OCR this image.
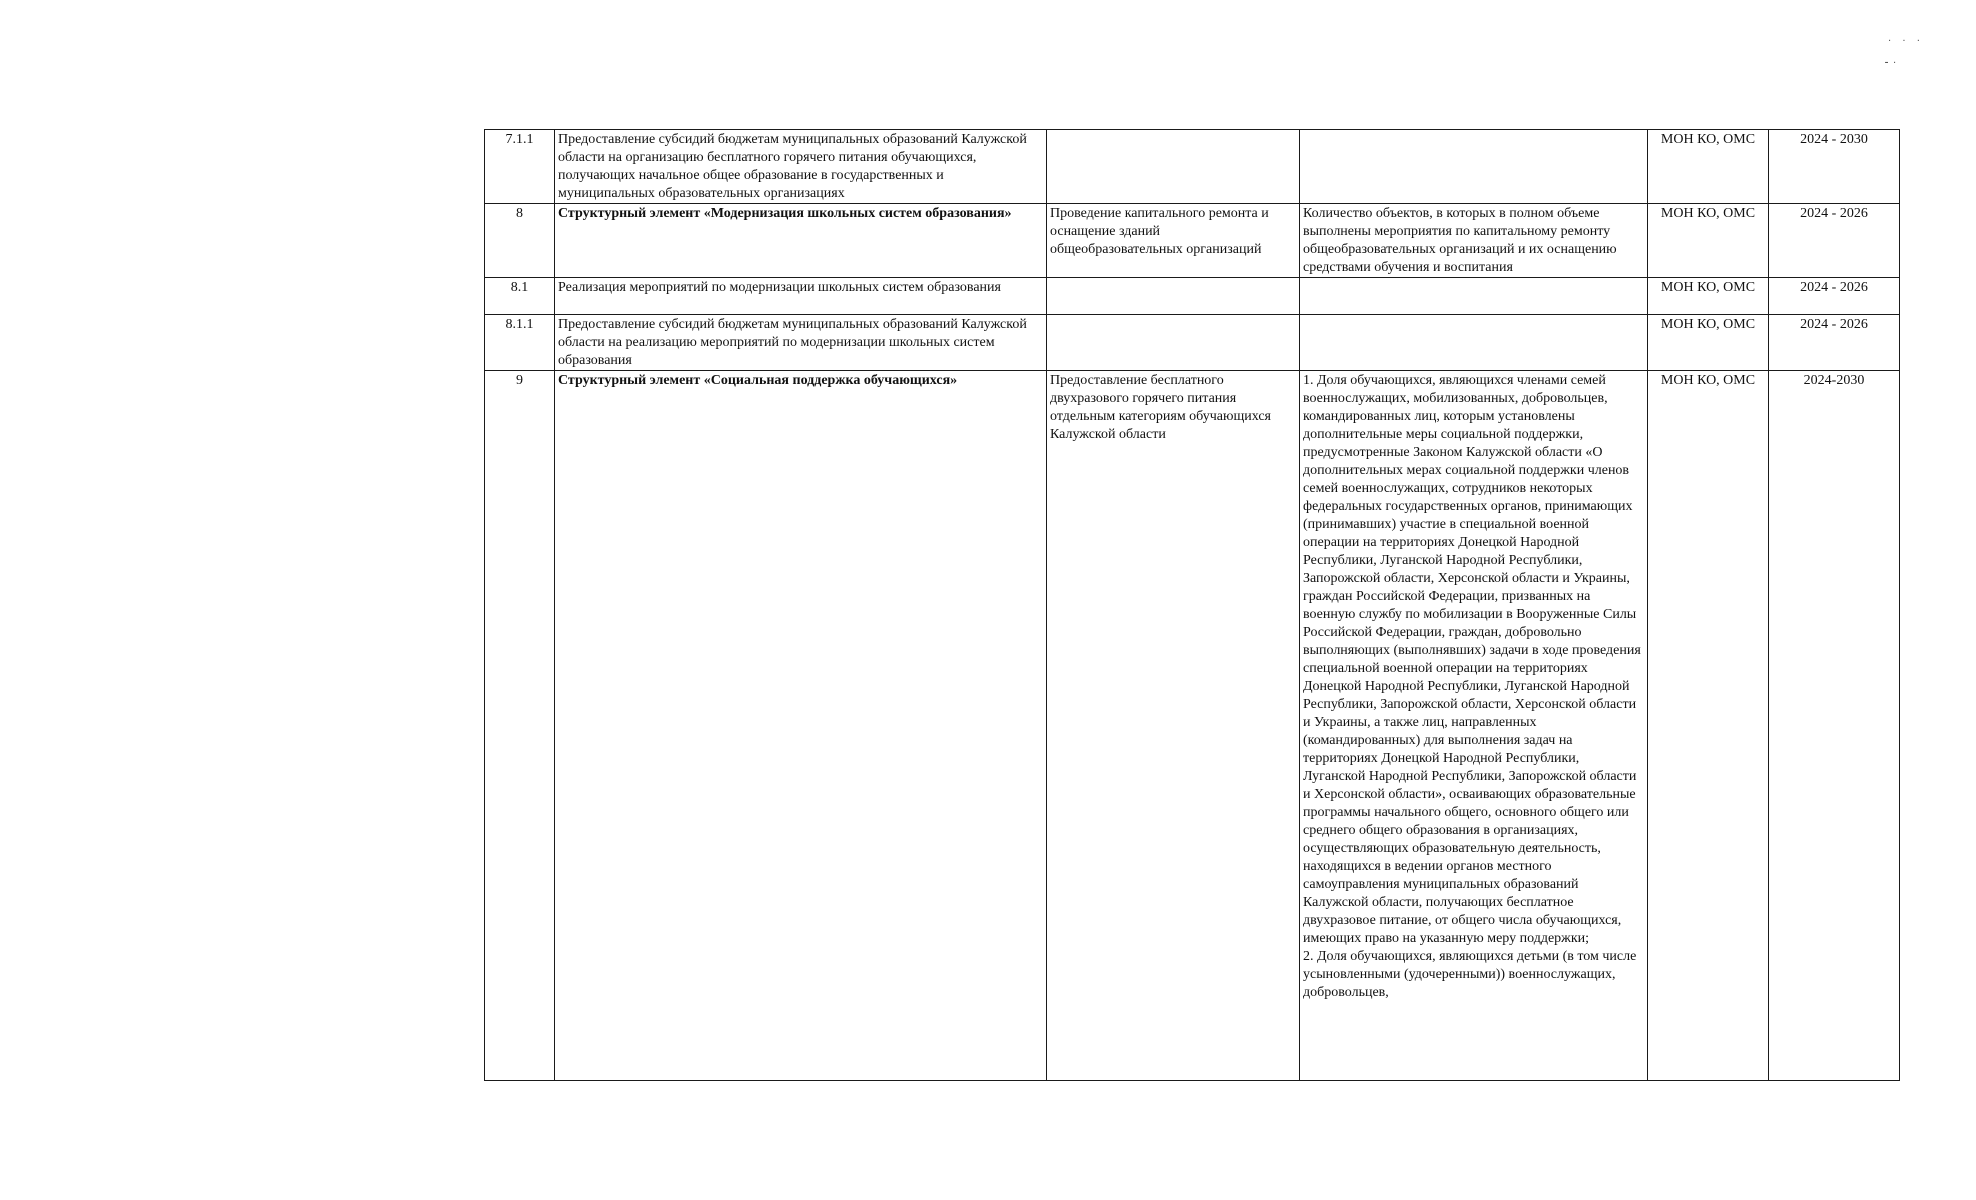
· · ·
⁃·
7.1.1	Предоставление субсидий бюджетам муниципальных образований Калужской области на организацию бесплатного горячего питания обучающихся, получающих начальное общее образование в государственных и муниципальных образовательных организациях			МОН КО, ОМС	2024 - 2030
8	Структурный элемент «Модернизация школьных систем образования»	Проведение капитального ремонта и оснащение зданий общеобразовательных организаций	Количество объектов, в которых в полном объеме выполнены мероприятия по капитальному ремонту общеобразовательных организаций и их оснащению средствами обучения и воспитания	МОН КО, ОМС	2024 - 2026
8.1	Реализация мероприятий по модернизации школьных систем образования			МОН КО, ОМС	2024 - 2026
8.1.1	Предоставление субсидий бюджетам муниципальных образований Калужской области на реализацию мероприятий по модернизации школьных систем образования			МОН КО, ОМС	2024 - 2026
9	Структурный элемент «Социальная поддержка обучающихся»	Предоставление бесплатного двухразового горячего питания отдельным категориям обучающихся Калужской области	1. Доля обучающихся, являющихся членами семей военнослужащих, мобилизованных, добровольцев, командированных лиц, которым установлены дополнительные меры социальной поддержки, предусмотренные Законом Калужской области «О дополнительных мерах социальной поддержки членов семей военнослужащих, сотрудников некоторых федеральных государственных органов, принимающих (принимавших) участие в специальной военной операции на территориях Донецкой Народной Республики, Луганской Народной Республики, Запорожской области, Херсонской области и Украины, граждан Российской Федерации, призванных на военную службу по мобилизации в Вооруженные Силы Российской Федерации, граждан, добровольно выполняющих (выполнявших) задачи в ходе проведения специальной военной операции на территориях Донецкой Народной Республики, Луганской Народной Республики, Запорожской области, Херсонской области и Украины, а также лиц, направленных (командированных) для выполнения задач на территориях Донецкой Народной Республики, Луганской Народной Республики, Запорожской области и Херсонской области», осваивающих образовательные программы начального общего, основного общего или среднего общего образования в организациях, осуществляющих образовательную деятельность, находящихся в ведении органов местного самоуправления муниципальных образований Калужской области, получающих бесплатное двухразовое питание, от общего числа обучающихся, имеющих право на указанную меру поддержки;
2. Доля обучающихся, являющихся детьми (в том числе усыновленными (удочеренными)) военнослужащих, добровольцев,	МОН КО, ОМС	2024-2030
